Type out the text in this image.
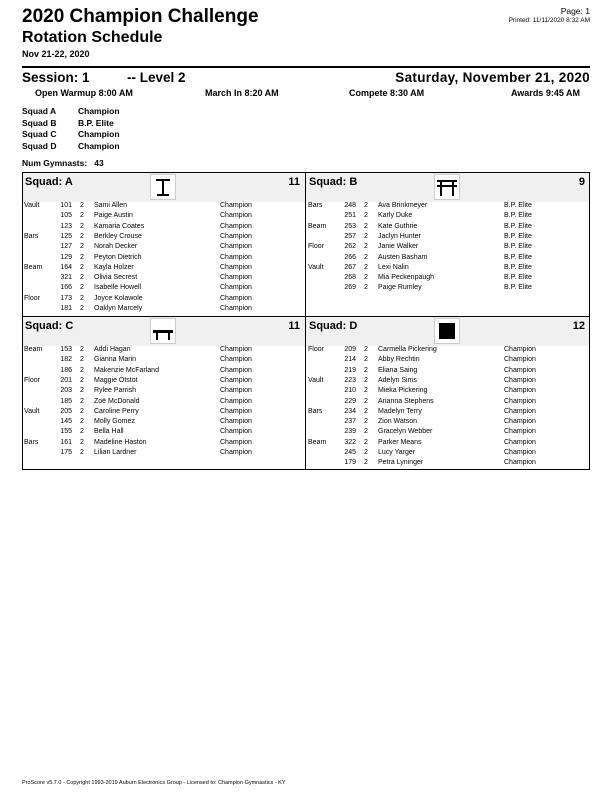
2020 Champion Challenge
Rotation Schedule
Nov 21-22, 2020
Page: 1
Printed: 11/11/2020 8:32 AM
Session: 1	-- Level 2	Saturday, November 21, 2020
Open Warmup 8:00 AM	March In 8:20 AM	Compete 8:30 AM	Awards 9:45 AM
Squad A	Champion
Squad B	B.P. Elite
Squad C	Champion
Squad D	Champion
Num Gymnasts: 43
Squad: A	11 Squad: B	9
Squad: C	11 Squad: D	12
Vault	101 2 Sami Allen	Champion
105 2 Paige Austin	Champion
123 2 Kamaria Coates	Champion
Bars	125 2 Berkley Crouse	Champion
127 2 Norah Decker	Champion
129 2 Peyton Dietrich	Champion
Beam	164 2 Kayla Holzer	Champion
321 2 Olivia Secrest	Champion
166 2 Isabelle Howell	Champion
Floor	173 2 Joyce Kolawole	Champion
181 2 Oaklyn Marcely	Champion
Bars	248 2 Ava Brinkmeyer	B.P. Elite
251 2 Karly Duke	B.P. Elite
Beam	253 2 Kate Guthrie	B.P. Elite
257 2 Jaclyn Hunter	B.P. Elite
Floor	262 2 Janie Walker	B.P. Elite
266 2 Austen Basham	B.P. Elite
Vault	267 2 Lexi Nalin	B.P. Elite
268 2 Mia Peckenpaugh	B.P. Elite
269 2 Paige Rumley	B.P. Elite
Beam	153 2 Addi Hagan	Champion
182 2 Gianna Marin	Champion
186 2 Makenzie McFarland	Champion
Floor	201 2 Maggie Otstot	Champion
203 2 Rylee Parrish	Champion
185 2 Zoë McDonald	Champion
Vault	205 2 Caroline Perry	Champion
145 2 Molly Gomez	Champion
155 2 Bella Hall	Champion
Bars	161 2 Madeline Haston	Champion
175 2 Lilian Lardner	Champion
Floor	209 2 Carmella Pickering	Champion
214 2 Abby Rechtin	Champion
219 2 Eliana Saing	Champion
Vault	223 2 Adelyn Sims	Champion
210 2 Mieka Pickering	Champion
229 2 Arianna Stephens	Champion
Bars	234 2 Madelyn Terry	Champion
237 2 Zion Watson	Champion
239 2 Gracelyn Webber	Champion
Beam	322 2 Parker Means	Champion
245 2 Lucy Yarger	Champion
179 2 Petra Lyninger	Champion
ProScore v5.7.0 - Copyright 1993-2019 Auburn Electronics Group - Licensed to: Champion Gymnastics - KY
